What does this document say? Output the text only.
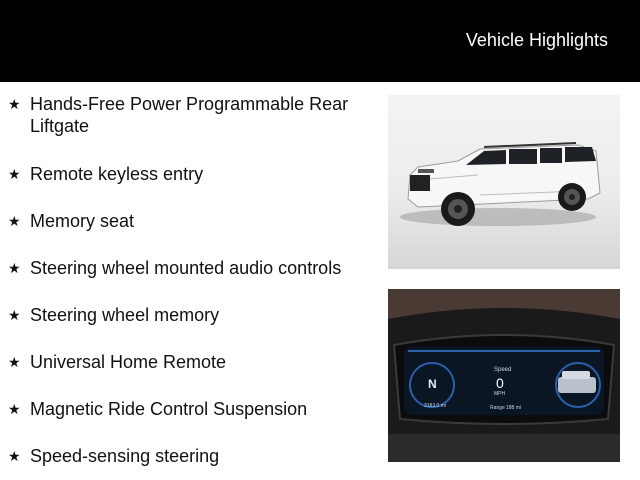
Vehicle Highlights
★ Hands-Free Power Programmable Rear Liftgate
★ Remote keyless entry
★ Memory seat
★ Steering wheel mounted audio controls
★ Steering wheel memory
★ Universal Home Remote
★ Magnetic Ride Control Suspension
★ Speed-sensing steering
N
Speed
0
MPH
Range 188 mi
3183.0 mi
